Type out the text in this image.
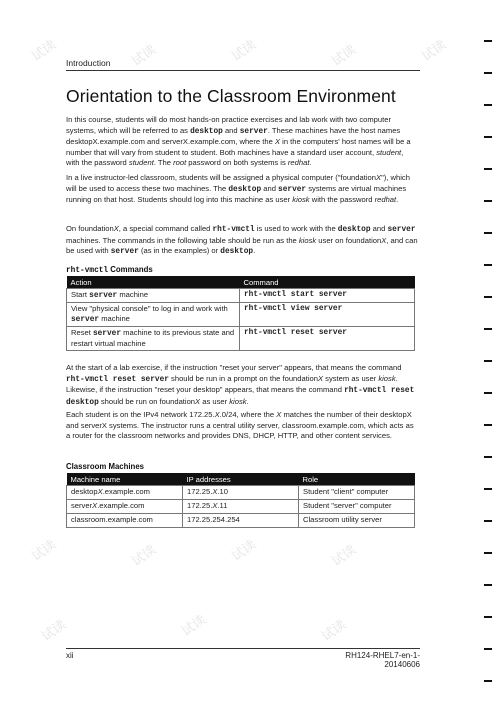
Introduction
Orientation to the Classroom Environment

In this course, students will do most hands-on practice exercises and lab work with two computer systems, which will be referred to as desktop and server. These machines have the host names desktopX.example.com and serverX.example.com, where the X in the computers' host names will be a number that will vary from student to student. Both machines have a standard user account, student, with the password student. The root password on both systems is redhat.

In a live instructor-led classroom, students will be assigned a physical computer ("foundationX"), which will be used to access these two machines. The desktop and server systems are virtual machines running on that host. Students should log into this machine as user kiosk with the password redhat.

On foundationX, a special command called rht-vmctl is used to work with the desktop and server machines. The commands in the following table should be run as the kiosk user on foundationX, and can be used with server (as in the examples) or desktop.

rht-vmctl Commands

Action	Command
Start server machine	rht-vmctl start server
View "physical console" to log in and work with server machine	rht-vmctl view server
Reset server machine to its previous state and restart virtual machine	rht-vmctl reset server

At the start of a lab exercise, if the instruction "reset your server" appears, that means the command rht-vmctl reset server should be run in a prompt on the foundationX system as user kiosk. Likewise, if the instruction "reset your desktop" appears, that means the command rht-vmctl reset desktop should be run on foundationX as user kiosk.

Each student is on the IPv4 network 172.25.X.0/24, where the X matches the number of their desktopX and serverX systems. The instructor runs a central utility server, classroom.example.com, which acts as a router for the classroom networks and provides DNS, DHCP, HTTP, and other content services.

Classroom Machines

Machine name	IP addresses	Role
desktopX.example.com	172.25.X.10	Student "client" computer
serverX.example.com	172.25.X.11	Student "server" computer
classroom.example.com	172.25.254.254	Classroom utility server
xii	RH124-RHEL7-en-1-20140606
试读	试读	试读	试读	试读
试读	试读	试读	试读
试读	试读	试读
